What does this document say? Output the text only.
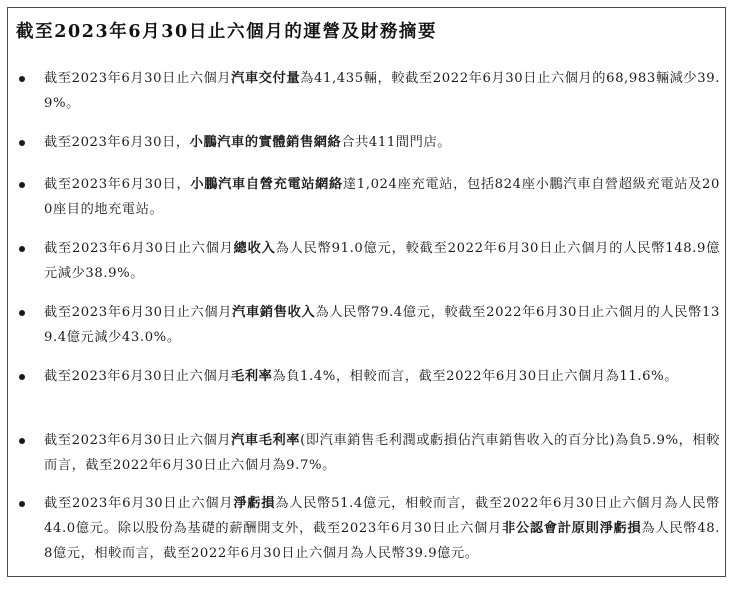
截至2023年6月30日止六個月的運營及財務摘要
截至2023年6月30日止六個月汽車交付量為41,435輛，較截至2022年6月30日止六個月的68,983輛減少39.9%。
截至2023年6月30日，小鵬汽車的實體銷售網絡合共411間門店。
截至2023年6月30日，小鵬汽車自營充電站網絡達1,024座充電站，包括824座小鵬汽車自營超級充電站及200座目的地充電站。
截至2023年6月30日止六個月總收入為人民幣91.0億元，較截至2022年6月30日止六個月的人民幣148.9億元減少38.9%。
截至2023年6月30日止六個月汽車銷售收入為人民幣79.4億元，較截至2022年6月30日止六個月的人民幣139.4億元減少43.0%。
截至2023年6月30日止六個月毛利率為負1.4%，相較而言，截至2022年6月30日止六個月為11.6%。
截至2023年6月30日止六個月汽車毛利率(即汽車銷售毛利潤或虧損佔汽車銷售收入的百分比)為負5.9%，相較而言，截至2022年6月30日止六個月為9.7%。
截至2023年6月30日止六個月淨虧損為人民幣51.4億元，相較而言，截至2022年6月30日止六個月為人民幣44.0億元。除以股份為基礎的薪酬開支外，截至2023年6月30日止六個月非公認會計原則淨虧損為人民幣48.8億元，相較而言，截至2022年6月30日止六個月為人民幣39.9億元。
